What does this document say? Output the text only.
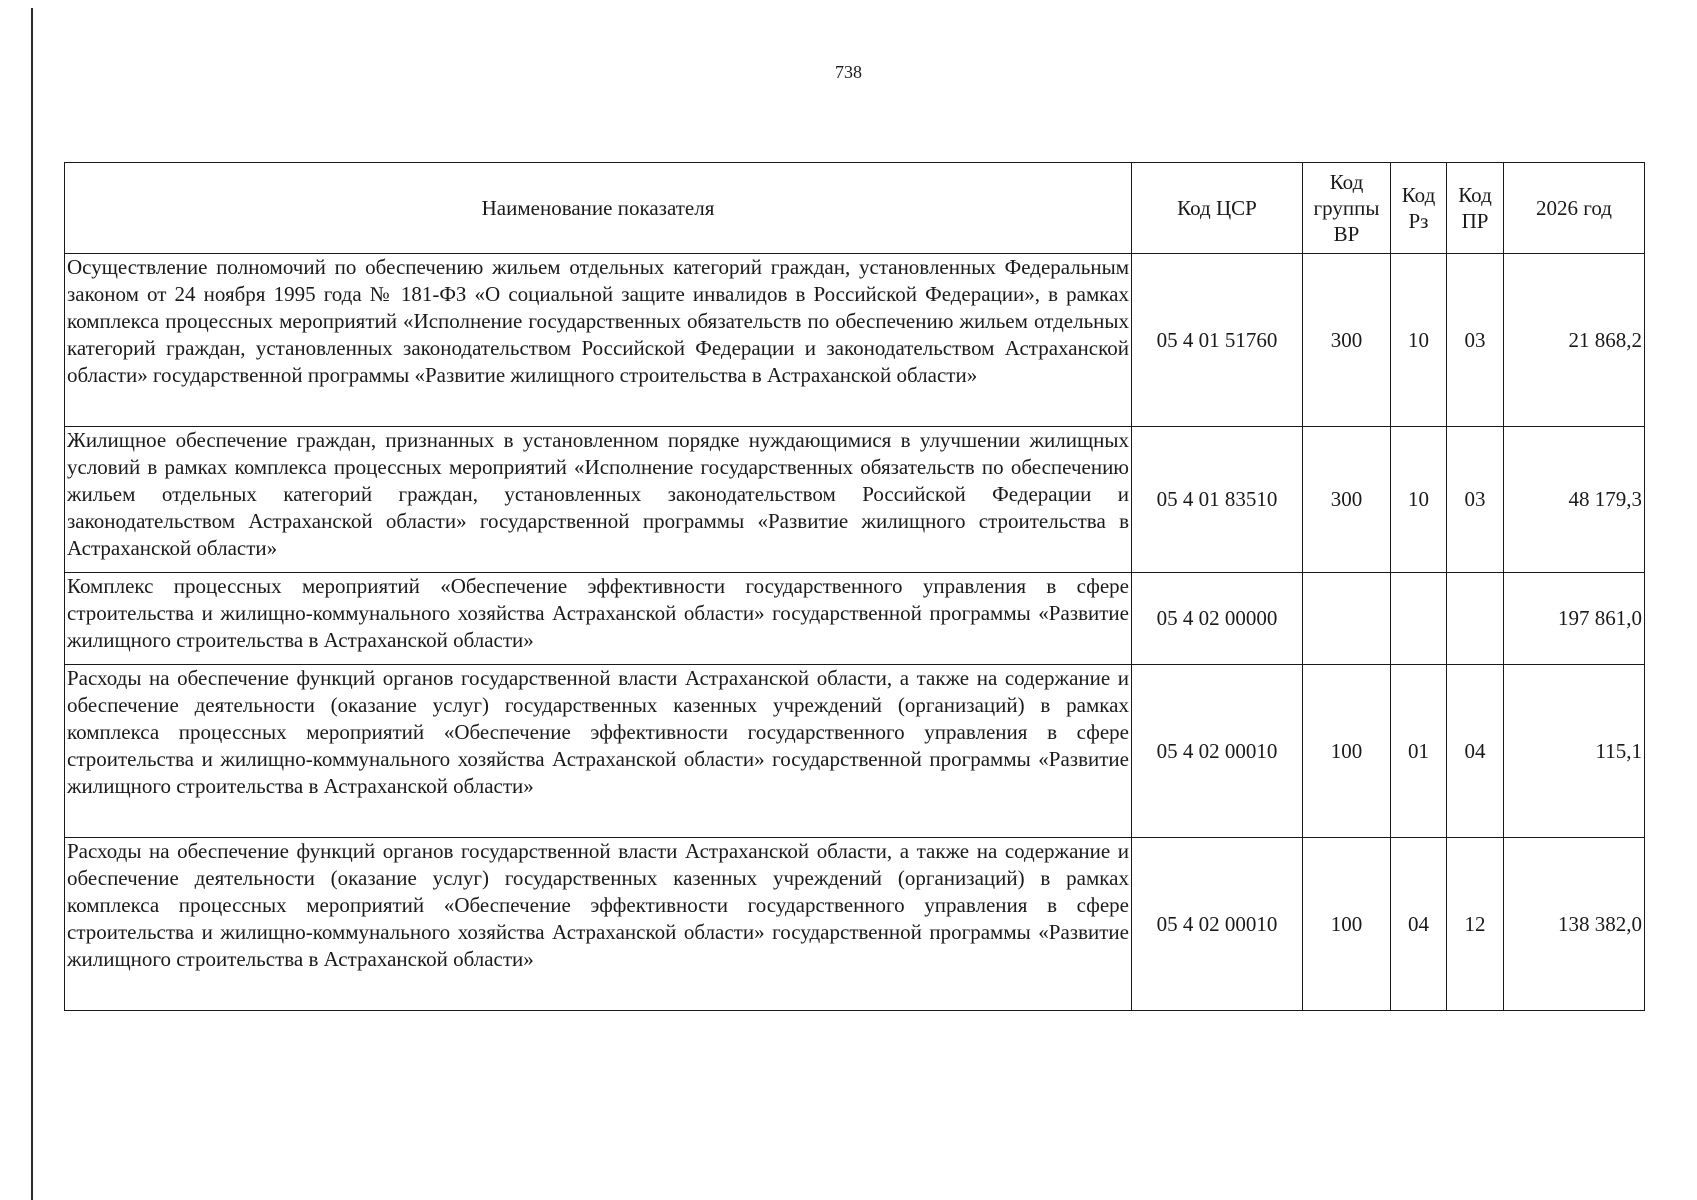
738
Наименование показателя	Код ЦСР	Код группы ВР	Код Рз	Код ПР	2026 год
Осуществление полномочий по обеспечению жильем отдельных категорий граждан, установленных Федеральным законом от 24 ноября 1995 года № 181-ФЗ «О социальной защите инвалидов в Российской Федерации», в рамках комплекса процессных мероприятий «Исполнение государственных обязательств по обеспечению жильем отдельных категорий граждан, установленных законодательством Российской Федерации и законодательством Астраханской области» государственной программы «Развитие жилищного строительства в Астраханской области»	05 4 01 51760	300	10	03	21 868,2
Жилищное обеспечение граждан, признанных в установленном порядке нуждающимися в улучшении жилищных условий в рамках комплекса процессных мероприятий «Исполнение государственных обязательств по обеспечению жильем отдельных категорий граждан, установленных законодательством Российской Федерации и законодательством Астраханской области» государственной программы «Развитие жилищного строительства в Астраханской области»	05 4 01 83510	300	10	03	48 179,3
Комплекс процессных мероприятий «Обеспечение эффективности государственного управления в сфере строительства и жилищно-коммунального хозяйства Астраханской области» государственной программы «Развитие жилищного строительства в Астраханской области»	05 4 02 00000				197 861,0
Расходы на обеспечение функций органов государственной власти Астраханской области, а также на содержание и обеспечение деятельности (оказание услуг) государственных казенных учреждений (организаций) в рамках комплекса процессных мероприятий «Обеспечение эффективности государственного управления в сфере строительства и жилищно-коммунального хозяйства Астраханской области» государственной программы «Развитие жилищного строительства в Астраханской области»	05 4 02 00010	100	01	04	115,1
Расходы на обеспечение функций органов государственной власти Астраханской области, а также на содержание и обеспечение деятельности (оказание услуг) государственных казенных учреждений (организаций) в рамках комплекса процессных мероприятий «Обеспечение эффективности государственного управления в сфере строительства и жилищно-коммунального хозяйства Астраханской области» государственной программы «Развитие жилищного строительства в Астраханской области»	05 4 02 00010	100	04	12	138 382,0
